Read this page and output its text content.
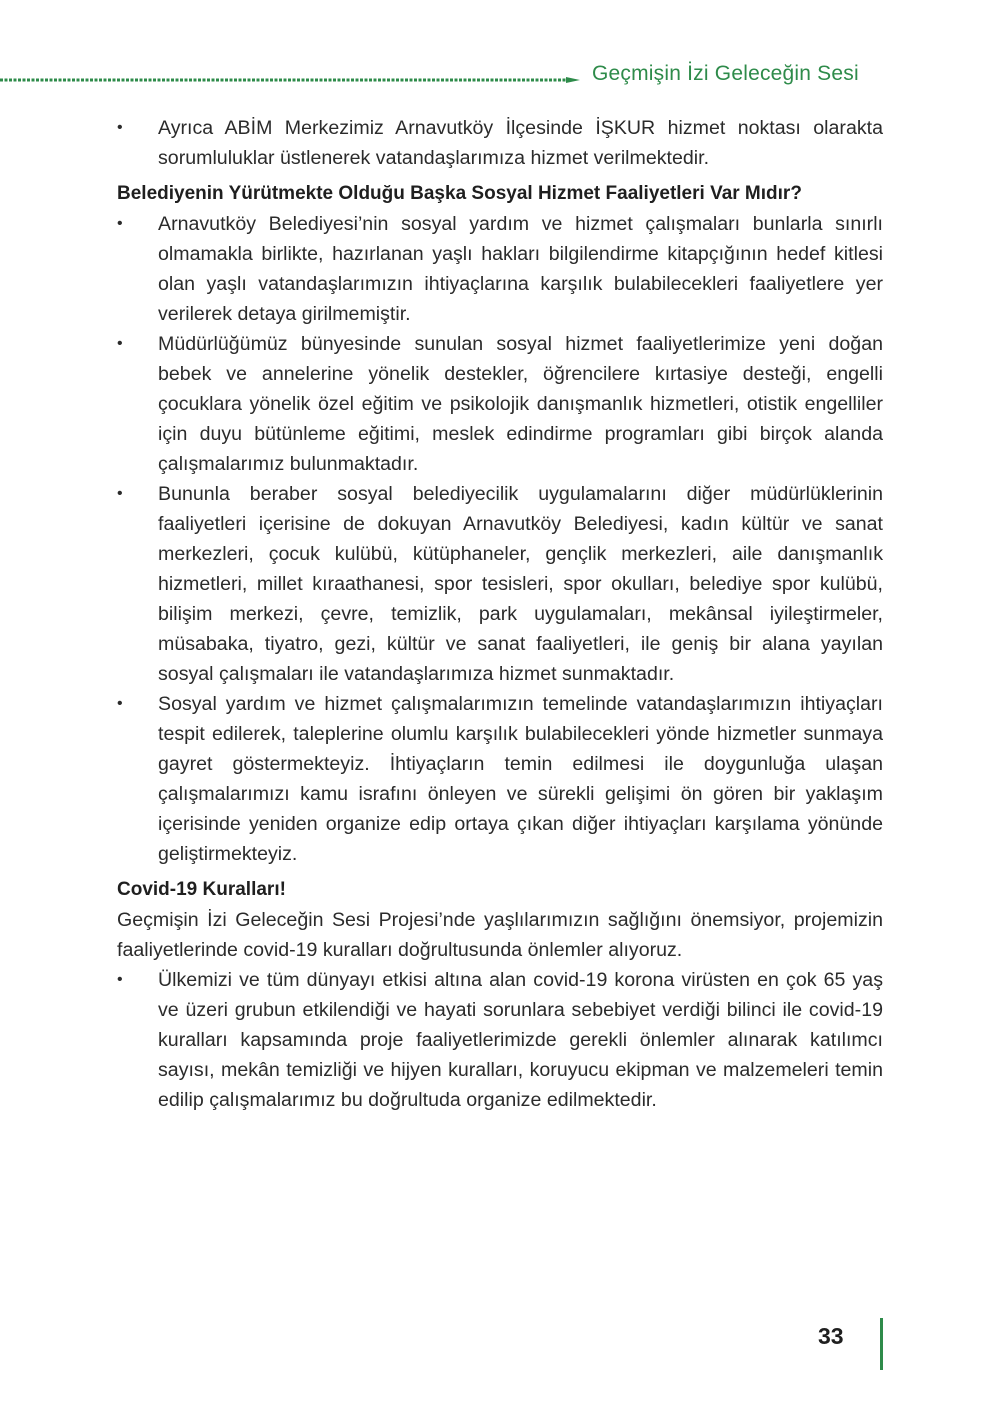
Geçmişin İzi Geleceğin Sesi
• Ayrıca ABİM Merkezimiz Arnavutköy İlçesinde İŞKUR hizmet noktası olarakta sorumluluklar üstlenerek vatandaşlarımıza hizmet verilmektedir.
Belediyenin Yürütmekte Olduğu Başka Sosyal Hizmet Faaliyetleri Var Mıdır?
• Arnavutköy Belediyesi’nin sosyal yardım ve hizmet çalışmaları bunlarla sınırlı olmamakla birlikte, hazırlanan yaşlı hakları bilgilendirme kitapçığının hedef kitlesi olan yaşlı vatandaşlarımızın ihtiyaçlarına karşılık bulabilecekleri faaliyetlere yer verilerek detaya girilmemiştir.
• Müdürlüğümüz bünyesinde sunulan sosyal hizmet faaliyetlerimize yeni doğan bebek ve annelerine yönelik destekler, öğrencilere kırtasiye desteği, engelli çocuklara yönelik özel eğitim ve psikolojik danışmanlık hizmetleri, otistik engelliler için duyu bütünleme eğitimi, meslek edindirme programları gibi birçok alanda çalışmalarımız bulunmaktadır.
• Bununla beraber sosyal belediyecilik uygulamalarını diğer müdürlüklerinin faaliyetleri içerisine de dokuyan Arnavutköy Belediyesi, kadın kültür ve sanat merkezleri, çocuk kulübü, kütüphaneler, gençlik merkezleri, aile danışmanlık hizmetleri, millet kıraathanesi, spor tesisleri, spor okulları, belediye spor kulübü, bilişim merkezi, çevre, temizlik, park uygulamaları, mekânsal iyileştirmeler, müsabaka, tiyatro, gezi, kültür ve sanat faaliyetleri, ile geniş bir alana yayılan sosyal çalışmaları ile vatandaşlarımıza hizmet sunmaktadır.
• Sosyal yardım ve hizmet çalışmalarımızın temelinde vatandaşlarımızın ihtiyaçları tespit edilerek, taleplerine olumlu karşılık bulabilecekleri yönde hizmetler sunmaya gayret göstermekteyiz. İhtiyaçların temin edilmesi ile doygunluğa ulaşan çalışmalarımızı kamu israfını önleyen ve sürekli gelişimi ön gören bir yaklaşım içerisinde yeniden organize edip ortaya çıkan diğer ihtiyaçları karşılama yönünde geliştirmekteyiz.
Covid-19 Kuralları!
Geçmişin İzi Geleceğin Sesi Projesi’nde yaşlılarımızın sağlığını önemsiyor, projemizin faaliyetlerinde covid-19 kuralları doğrultusunda önlemler alıyoruz.
• Ülkemizi ve tüm dünyayı etkisi altına alan covid-19 korona virüsten en çok 65 yaş ve üzeri grubun etkilendiği ve hayati sorunlara sebebiyet verdiği bilinci ile covid-19 kuralları kapsamında proje faaliyetlerimizde gerekli önlemler alınarak katılımcı sayısı, mekân temizliği ve hijyen kuralları, koruyucu ekipman ve malzemeleri temin edilip çalışmalarımız bu doğrultuda organize edilmektedir.
33
